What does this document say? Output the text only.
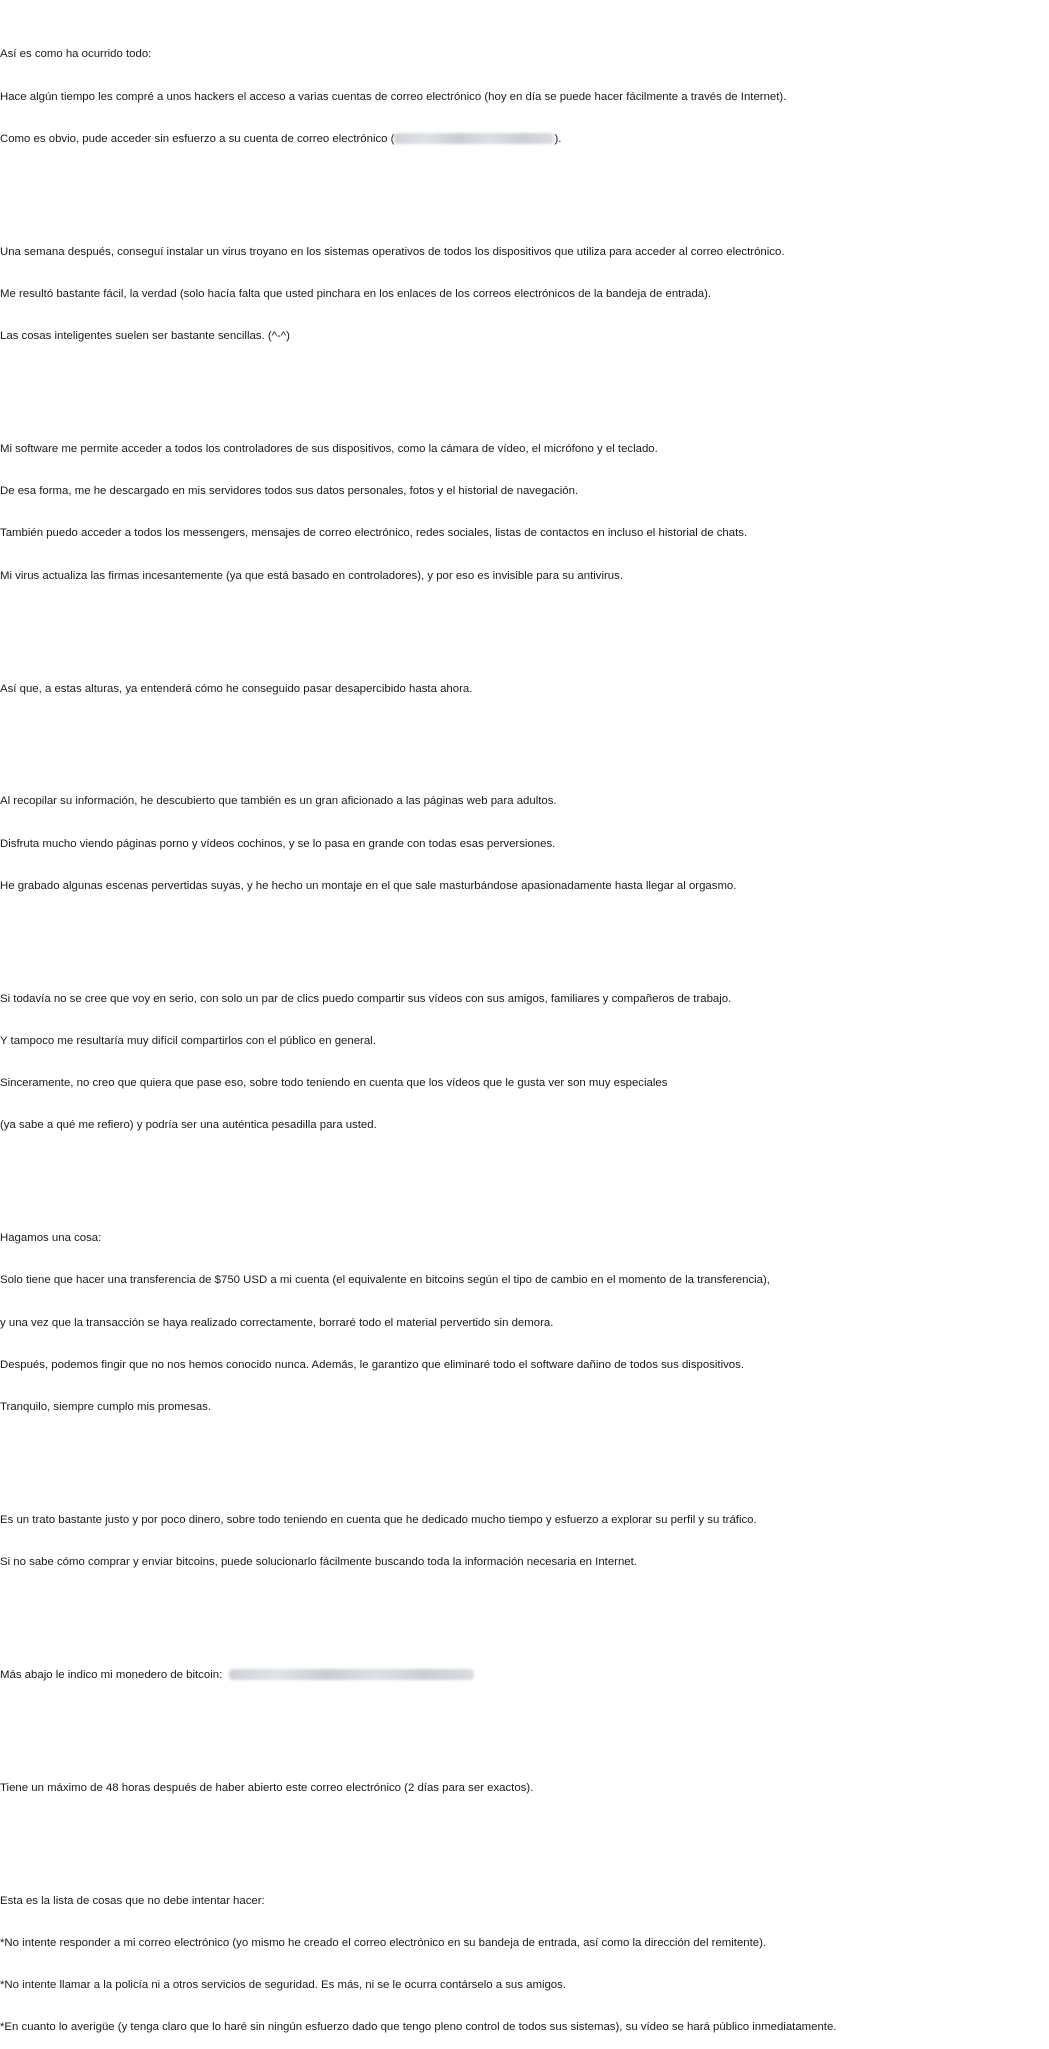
Así es como ha ocurrido todo:

Hace algún tiempo les compré a unos hackers el acceso a varias cuentas de correo electrónico (hoy en día se puede hacer fácilmente a través de Internet).

Como es obvio, pude acceder sin esfuerzo a su cuenta de correo electrónico (	).

Una semana después, conseguí instalar un virus troyano en los sistemas operativos de todos los dispositivos que utiliza para acceder al correo electrónico.

Me resultó bastante fácil, la verdad (solo hacía falta que usted pinchara en los enlaces de los correos electrónicos de la bandeja de entrada).

Las cosas inteligentes suelen ser bastante sencillas. (^-^)

Mi software me permite acceder a todos los controladores de sus dispositivos, como la cámara de vídeo, el micrófono y el teclado.

De esa forma, me he descargado en mis servidores todos sus datos personales, fotos y el historial de navegación.

También puedo acceder a todos los messengers, mensajes de correo electrónico, redes sociales, listas de contactos en incluso el historial de chats.

Mi virus actualiza las firmas incesantemente (ya que está basado en controladores), y por eso es invisible para su antivirus.

Así que, a estas alturas, ya entenderá cómo he conseguido pasar desapercibido hasta ahora.

Al recopilar su información, he descubierto que también es un gran aficionado a las páginas web para adultos.

Disfruta mucho viendo páginas porno y vídeos cochinos, y se lo pasa en grande con todas esas perversiones.

He grabado algunas escenas pervertidas suyas, y he hecho un montaje en el que sale masturbándose apasionadamente hasta llegar al orgasmo.

Si todavía no se cree que voy en serio, con solo un par de clics puedo compartir sus vídeos con sus amigos, familiares y compañeros de trabajo.

Y tampoco me resultaría muy difícil compartirlos con el público en general.

Sinceramente, no creo que quiera que pase eso, sobre todo teniendo en cuenta que los vídeos que le gusta ver son muy especiales

(ya sabe a qué me refiero) y podría ser una auténtica pesadilla para usted.

Hagamos una cosa:

Solo tiene que hacer una transferencia de $750 USD a mi cuenta (el equivalente en bitcoins según el tipo de cambio en el momento de la transferencia),

y una vez que la transacción se haya realizado correctamente, borraré todo el material pervertido sin demora.

Después, podemos fingir que no nos hemos conocido nunca. Además, le garantizo que eliminaré todo el software dañino de todos sus dispositivos.

Tranquilo, siempre cumplo mis promesas.

Es un trato bastante justo y por poco dinero, sobre todo teniendo en cuenta que he dedicado mucho tiempo y esfuerzo a explorar su perfil y su tráfico.

Si no sabe cómo comprar y enviar bitcoins, puede solucionarlo fácilmente buscando toda la información necesaria en Internet.

Más abajo le indico mi monedero de bitcoin:

Tiene un máximo de 48 horas después de haber abierto este correo electrónico (2 días para ser exactos).

Esta es la lista de cosas que no debe intentar hacer:

*No intente responder a mi correo electrónico (yo mismo he creado el correo electrónico en su bandeja de entrada, así como la dirección del remitente).

*No intente llamar a la policía ni a otros servicios de seguridad. Es más, ni se le ocurra contárselo a sus amigos.

*En cuanto lo averigüe (y tenga claro que lo haré sin ningún esfuerzo dado que tengo pleno control de todos sus sistemas), su vídeo se hará público inmediatamente.
